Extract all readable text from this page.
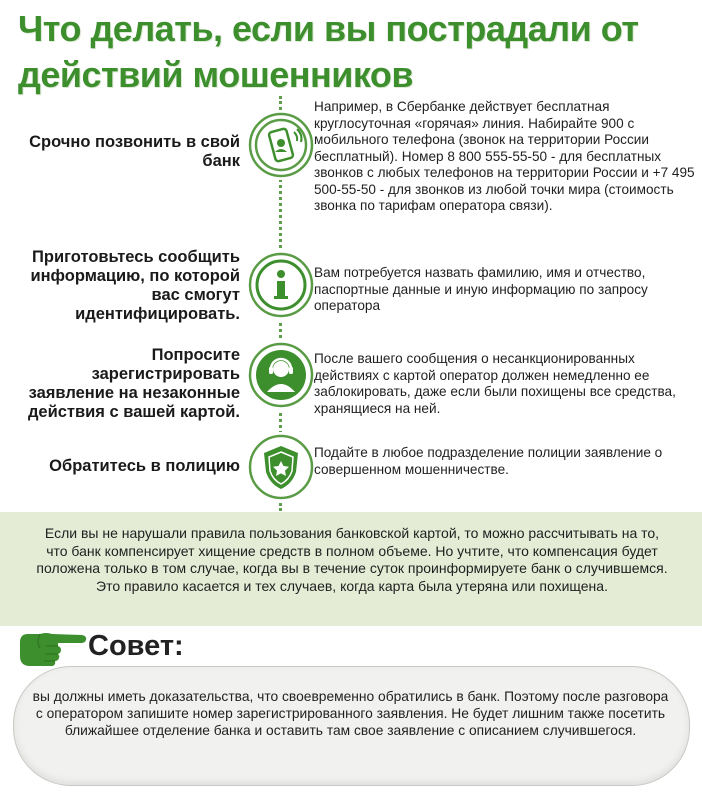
Что делать, если вы пострадали от действий мошенников
Срочно позвонить в свой банк
Например, в Сбербанке действует бесплатная круглосуточная «горячая» линия. Набирайте 900 с мобильного телефона (звонок на территории России бесплатный). Номер 8 800 555-55-50 - для бесплатных звонков с любых телефонов на территории России и +7 495 500-55-50 - для звонков из любой точки мира (стоимость звонка по тарифам оператора связи).
Приготовьтесь сообщить информацию, по которой вас смогут идентифицировать.
Вам потребуется назвать фамилию, имя и отчество, паспортные данные и иную информацию по запросу оператора
Попросите зарегистрировать заявление на незаконные действия с вашей картой.
После вашего сообщения о несанкционированных действиях с картой оператор должен немедленно ее заблокировать, даже если были похищены все средства, хранящиеся на ней.
Обратитесь в полицию
Подайте в любое подразделение полиции заявление о совершенном мошенничестве.
Если вы не нарушали правила пользования банковской картой, то можно рассчитывать на то, что банк компенсирует хищение средств в полном объеме. Но учтите, что компенсация будет положена только в том случае, когда вы в течение суток проинформируете банк о случившемся. Это правило касается и тех случаев, когда карта была утеряна или похищена.
Совет:
вы должны иметь доказательства, что своевременно обратились в банк. Поэтому после разговора с оператором запишите номер зарегистрированного заявления. Не будет лишним также посетить ближайшее отделение банка и оставить там свое заявление с описанием случившегося.
